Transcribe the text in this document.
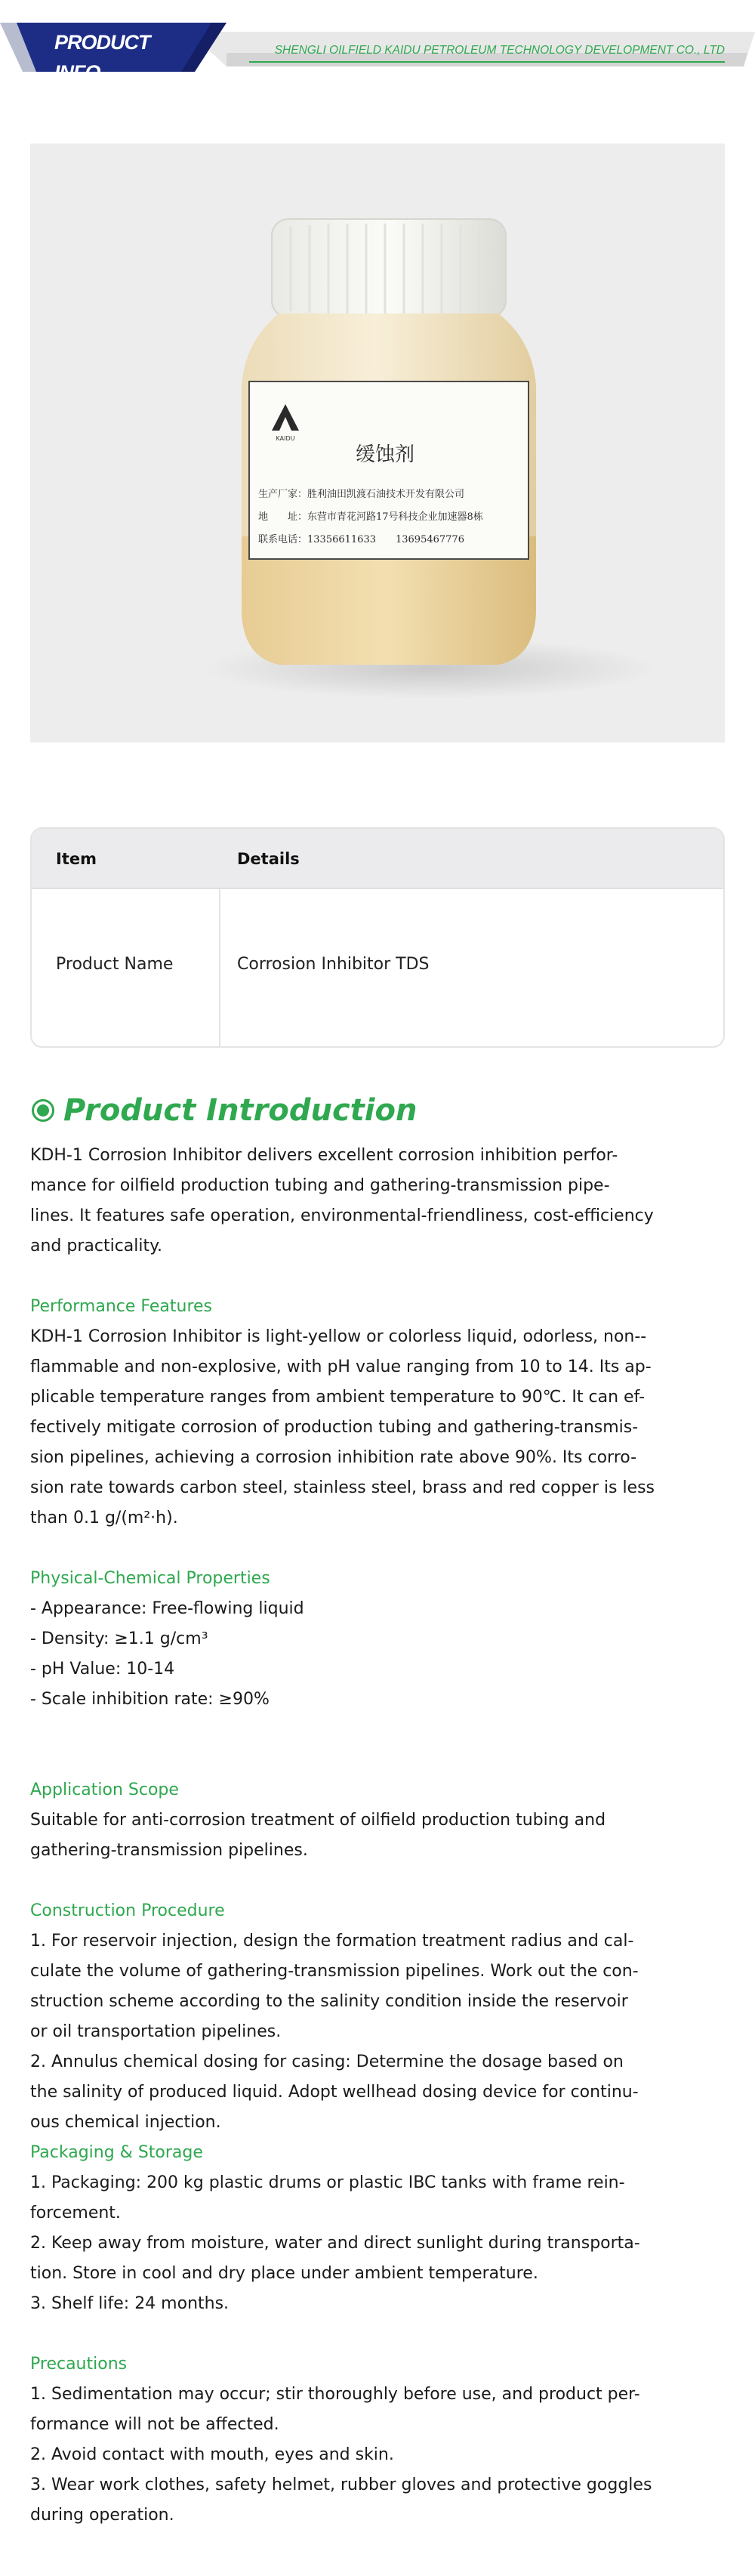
PRODUCT INFO
SHENGLI OILFIELD KAIDU PETROLEUM TECHNOLOGY DEVELOPMENT CO., LTD
KAIDU
缓蚀剂
生产厂家：胜利油田凯渡石油技术开发有限公司
地　　址：东营市青花河路17号科技企业加速器8栋
联系电话：13356611633　　13695467776
Item	Details
Product Name	Corrosion Inhibitor TDS
Product Introduction

KDH-1 Corrosion Inhibitor delivers excellent corrosion inhibition perfor-

mance for oilfield production tubing and gathering-transmission pipe-

lines. It features safe operation, environmental-friendliness, cost-efficiency

and practicality.

Performance Features

KDH-1 Corrosion Inhibitor is light-yellow or colorless liquid, odorless, non--

flammable and non-explosive, with pH value ranging from 10 to 14. Its ap-

plicable temperature ranges from ambient temperature to 90℃. It can ef-

fectively mitigate corrosion of production tubing and gathering-transmis-

sion pipelines, achieving a corrosion inhibition rate above 90%. Its corro-

sion rate towards carbon steel, stainless steel, brass and red copper is less

than 0.1 g/(m²·h).

Physical-Chemical Properties

- Appearance: Free-flowing liquid

- Density: ≥1.1 g/cm³

- pH Value: 10-14

- Scale inhibition rate: ≥90%

Application Scope

Suitable for anti-corrosion treatment of oilfield production tubing and

gathering-transmission pipelines.

Construction Procedure

1. For reservoir injection, design the formation treatment radius and cal-

culate the volume of gathering-transmission pipelines. Work out the con-

struction scheme according to the salinity condition inside the reservoir

or oil transportation pipelines.

2. Annulus chemical dosing for casing: Determine the dosage based on

the salinity of produced liquid. Adopt wellhead dosing device for continu-

ous chemical injection.

Packaging & Storage

1. Packaging: 200 kg plastic drums or plastic IBC tanks with frame rein-

forcement.

2. Keep away from moisture, water and direct sunlight during transporta-

tion. Store in cool and dry place under ambient temperature.

3. Shelf life: 24 months.

Precautions

1. Sedimentation may occur; stir thoroughly before use, and product per-

formance will not be affected.

2. Avoid contact with mouth, eyes and skin.

3. Wear work clothes, safety helmet, rubber gloves and protective goggles

during operation.
